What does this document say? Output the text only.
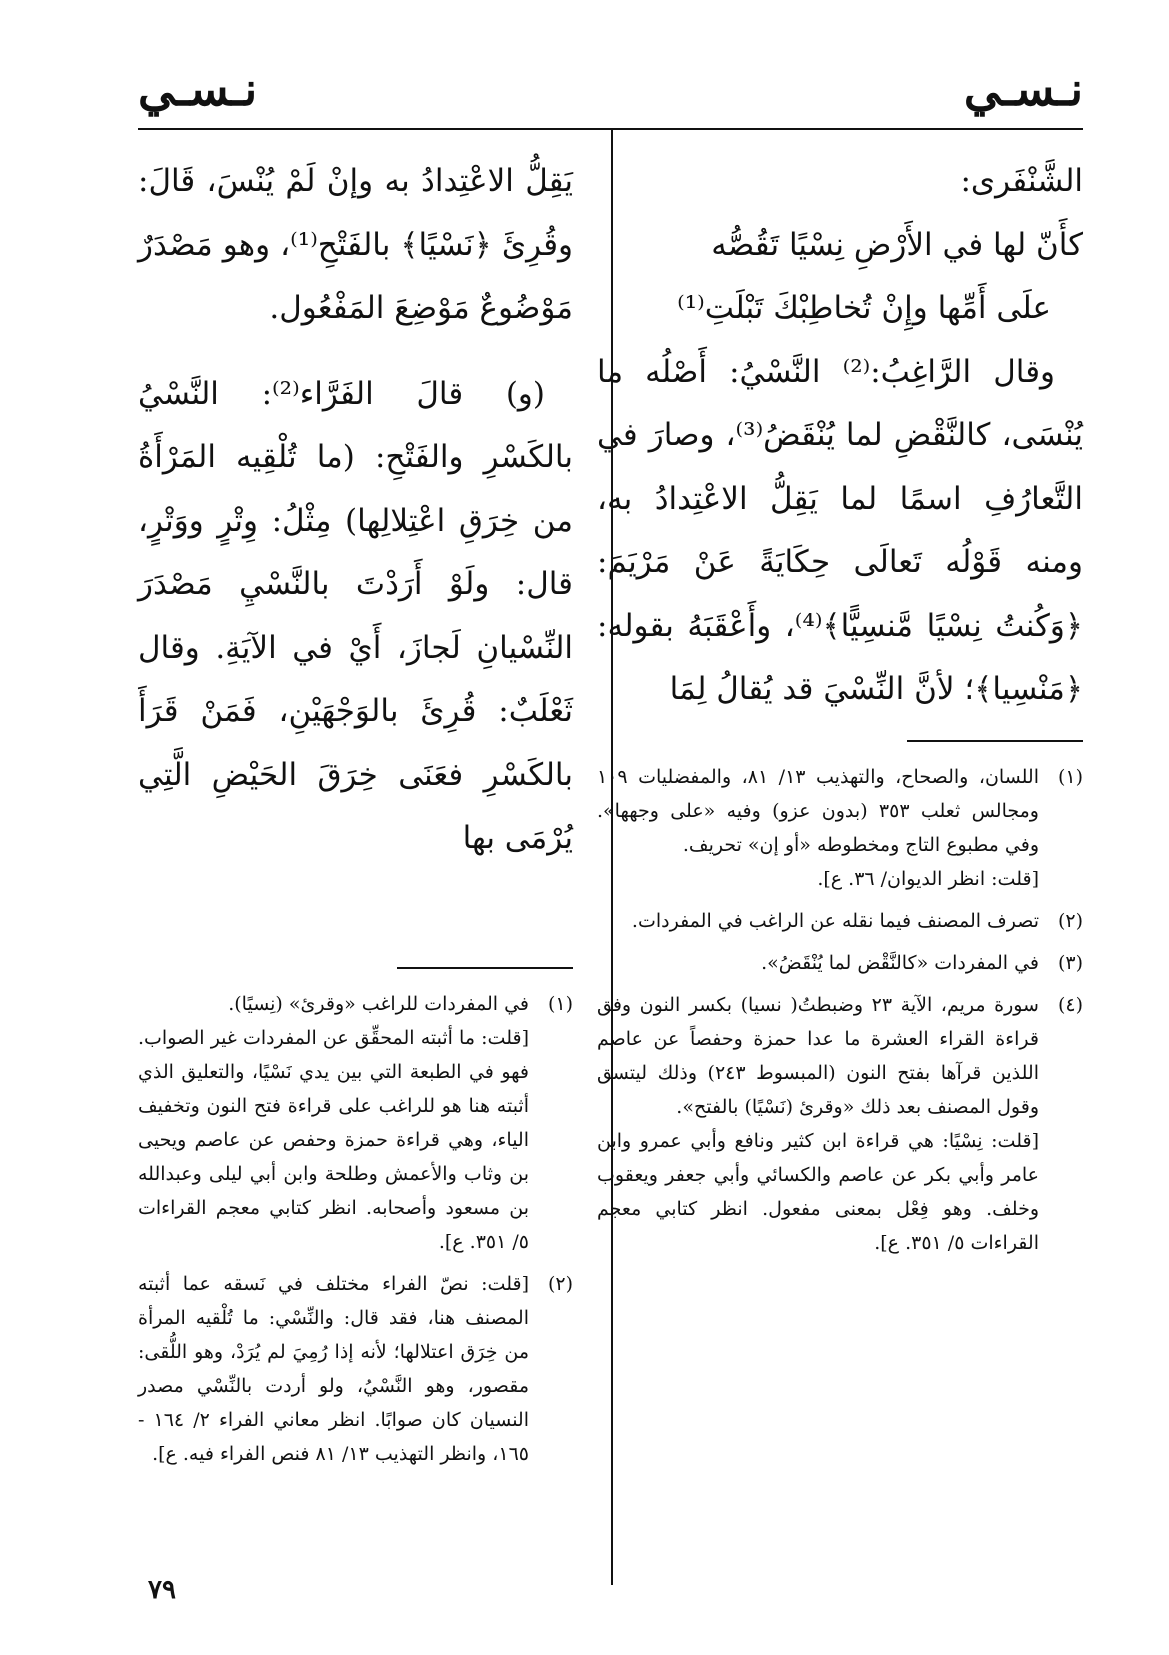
نـسـي
نـسـي

الشَّنْفَرى:

كأَنّ لها في الأَرْضِ نِسْيًا تَقُصُّه

علَى أَمِّها وإِنْ تُخاطِبْكَ تَبْلَتِ⁽¹⁾

وقال الرَّاغِبُ:⁽²⁾ النَّسْيُ: أَصْلُه ما يُنْسَى، كالنَّقْضِ لما يُنْقَضُ⁽³⁾، وصارَ في التَّعارُفِ اسمًا لما يَقِلُّ الاعْتِدادُ به، ومنه قَوْلُه تَعالَى حِكَايَةً عَنْ مَرْيَمَ: ﴿وَكُنتُ نِسْيًا مَّنسِيًّا﴾⁽⁴⁾، وأَعْقَبَهُ بقوله: ﴿مَنْسِيا﴾؛ لأنَّ النِّسْيَ قد يُقالُ لِمَا

(١)

اللسان، والصحاح، والتهذيب ١٣/ ٨١، والمفضليات ١٠٩ ومجالس ثعلب ٣٥٣ (بدون عزو) وفيه «على وجهها». وفي مطبوع التاج ومخطوطه «أو إن» تحريف.

[قلت: انظر الديوان/ ٣٦. ع].

(٢)

تصرف المصنف فيما نقله عن الراغب في المفردات.

(٣)

في المفردات «كالنَّقْض لما يُنْقَضُ».

(٤)

سورة مريم، الآية ٢٣ وضبطتُ( نسيا) بكسر النون وفق قراءة القراء العشرة ما عدا حمزة وحفصاً عن عاصم اللذين قرآها بفتح النون (المبسوط ٢٤٣) وذلك ليتسق وقول المصنف بعد ذلك «وقرئ (نَسْيًا) بالفتح».

[قلت: نِسْيًا: هي قراءة ابن كثير ونافع وأبي عمرو وابن عامر وأبي بكر عن عاصم والكسائي وأبي جعفر ويعقوب وخلف. وهو فِعْل بمعنى مفعول. انظر كتابي معجم القراءات ٥/ ٣٥١. ع].

يَقِلُّ الاعْتِدادُ به وإنْ لَمْ يُنْسَ، قَالَ: وقُرِئَ ﴿نَسْيًا﴾ بالفَتْحِ⁽¹⁾، وهو مَصْدَرٌ مَوْضُوعٌ مَوْضِعَ المَفْعُول.

(و) قالَ الفَرَّاء⁽²⁾: النَّسْيُ بالكَسْرِ والفَتْحِ: (ما تُلْقِيه المَرْأَةُ من خِرَقِ اعْتِلالِها) مِثْلُ: وِتْرٍ ووَتْرٍ، قال: ولَوْ أَرَدْتَ بالنَّسْيِ مَصْدَرَ النِّسْيانِ لَجازَ، أَيْ في الآيَةِ. وقال ثَعْلَبٌ: قُرِئَ بالوَجْهَيْنِ، فَمَنْ قَرَأَ بالكَسْرِ فعَنَى خِرَقَ الحَيْضِ الَّتِي يُرْمَى بها

(١)

في المفردات للراغب «وقرئ» (نِسيًا).

[قلت: ما أثبته المحقِّق عن المفردات غير الصواب. فهو في الطبعة التي بين يدي نَسْيًا، والتعليق الذي أثبته هنا هو للراغب على قراءة فتح النون وتخفيف الياء، وهي قراءة حمزة وحفص عن عاصم ويحيى بن وثاب والأعمش وطلحة وابن أبي ليلى وعبدالله بن مسعود وأصحابه. انظر كتابي معجم القراءات ٥/ ٣٥١. ع].

(٢)

[قلت: نصّ الفراء مختلف في نَسقه عما أثبته المصنف هنا، فقد قال: والنِّسْي: ما تُلْقيه المرأة من خِرَق اعتلالها؛ لأنه إذا رُمِيَ لم يُرَدْ، وهو اللُّقى: مقصور، وهو النَّسْيُ، ولو أردت بالنِّسْي مصدر النسيان كان صوابًا. انظر معاني الفراء ٢/ ١٦٤ - ١٦٥، وانظر التهذيب ١٣/ ٨١ فنص الفراء فيه. ع].

٧٩
